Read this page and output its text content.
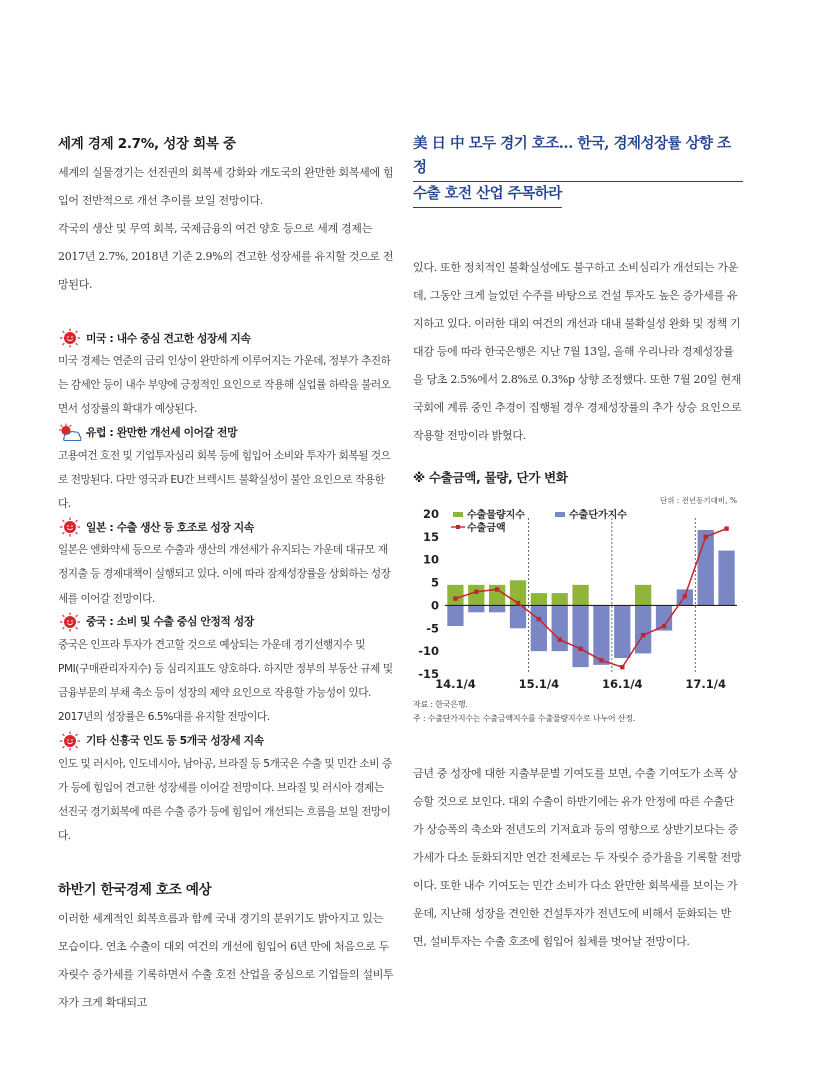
세계 경제 2.7%, 성장 회복 중

세계의 실물경기는 선진권의 회복세 강화와 개도국의 완만한 회복세에 힘입어 전반적으로 개선 추이를 보일 전망이다.

각국의 생산 및 무역 회복, 국제금융의 여건 양호 등으로 세계 경제는 2017년 2.7%, 2018년 기준 2.9%의 견고한 성장세를 유지할 것으로 전망된다.

미국 : 내수 중심 견고한 성장세 지속

미국 경제는 연준의 금리 인상이 완만하게 이루어지는 가운데, 정부가 추진하는 감세안 등이 내수 부양에 긍정적인 요인으로 작용해 실업률 하락을 불러오면서 성장률의 확대가 예상된다.

유럽 : 완만한 개선세 이어갈 전망

고용여건 호전 및 기업투자심리 회복 등에 힘입어 소비와 투자가 회복될 것으로 전망된다. 다만 영국과 EU간 브렉시트 불확실성이 불안 요인으로 작용한다.

일본 : 수출 생산 등 호조로 성장 지속

일본은 엔화약세 등으로 수출과 생산의 개선세가 유지되는 가운데 대규모 재정지출 등 경제대책이 실행되고 있다. 이에 따라 잠재성장률을 상회하는 성장세를 이어갈 전망이다.

중국 : 소비 및 수출 중심 안정적 성장

중국은 인프라 투자가 견고할 것으로 예상되는 가운데 경기선행지수 및 PMI(구매관리자지수) 등 심리지표도 양호하다. 하지만 정부의 부동산 규제 및 금융부문의 부채 축소 등이 성장의 제약 요인으로 작용할 가능성이 있다. 2017년의 성장률은 6.5%대를 유지할 전망이다.

기타 신흥국 인도 등 5개국 성장세 지속

인도 및 러시아, 인도네시아, 남아공, 브라질 등 5개국은 수출 및 민간 소비 증가 등에 힘입어 견고한 성장세를 이어갈 전망이다. 브라질 및 러시아 경제는 선진국 경기회복에 따른 수출 증가 등에 힘입어 개선되는 흐름을 보일 전망이다.

하반기 한국경제 호조 예상

이러한 세계적인 회복흐름과 함께 국내 경기의 분위기도 밝아지고 있는 모습이다. 연초 수출이 대외 여건의 개선에 힘입어 6년 만에 처음으로 두 자릿수 증가세를 기록하면서 수출 호전 산업을 중심으로 기업들의 설비투자가 크게 확대되고

美 日 中 모두 경기 호조… 한국, 경제성장률 상향 조정
수출 호전 산업 주목하라

있다. 또한 정치적인 불확실성에도 불구하고 소비심리가 개선되는 가운데, 그동안 크게 늘었던 수주를 바탕으로 건설 투자도 높은 증가세를 유지하고 있다. 이러한 대외 여건의 개선과 대내 불확실성 완화 및 정책 기대감 등에 따라 한국은행은 지난 7월 13일, 올해 우리나라 경제성장률을 당초 2.5%에서 2.8%로 0.3%p 상향 조정했다. 또한 7월 20일 현재 국회에 계류 중인 추경이 집행될 경우 경제성장률의 추가 상승 요인으로 작용할 전망이라 밝혔다.

※ 수출금액, 물량, 단가 변화
단위 : 전년동기대비, %
20
15
10
5
0
-5
-10
-15
14.1/4	15.1/4	16.1/4	17.1/4
수출물량지수	수출단가지수
수출금액
자료 : 한국은행.
주 : 수출단가지수는 수출금액지수를 수출물량지수로 나누어 산정.

금년 중 성장에 대한 지출부문별 기여도를 보면, 수출 기여도가 소폭 상승할 것으로 보인다. 대외 수출이 하반기에는 유가 안정에 따른 수출단가 상승폭의 축소와 전년도의 기저효과 등의 영향으로 상반기보다는 증가세가 다소 둔화되지만 연간 전체로는 두 자릿수 증가율을 기록할 전망이다. 또한 내수 기여도는 민간 소비가 다소 완만한 회복세를 보이는 가운데, 지난해 성장을 견인한 건설투자가 전년도에 비해서 둔화되는 반면, 설비투자는 수출 호조에 힘입어 침체를 벗어날 전망이다.
